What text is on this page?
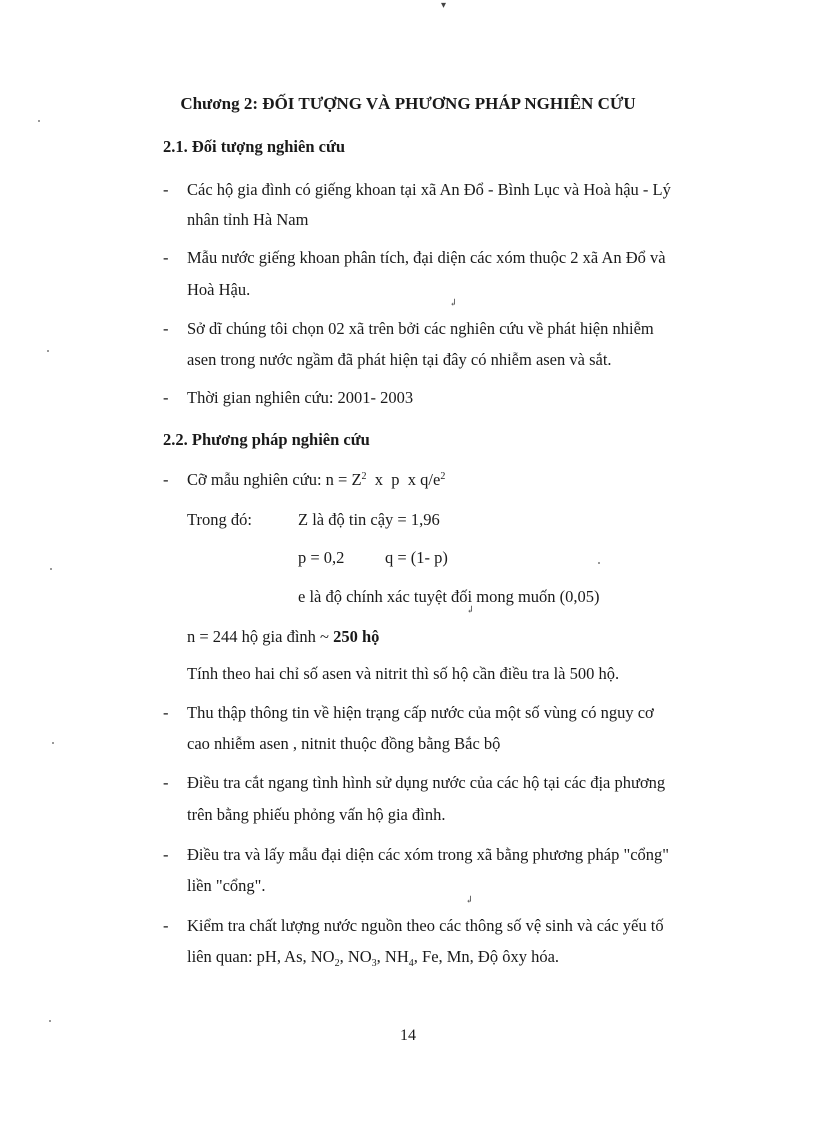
▾
↲
↲
↲
Chương 2: ĐỐI TƯỢNG VÀ PHƯƠNG PHÁP NGHIÊN CỨU
2.1. Đối tượng nghiên cứu
- Các hộ gia đình có giếng khoan tại xã An Đổ - Bình Lục và Hoà hậu - Lý
nhân tỉnh Hà Nam
- Mẫu nước giếng khoan phân tích, đại diện các xóm thuộc 2 xã An Đổ và
Hoà Hậu.
- Sở dĩ chúng tôi chọn 02 xã trên bởi các nghiên cứu về phát hiện nhiễm
asen trong nước ngầm đã phát hiện tại đây có nhiễm asen và sắt.
- Thời gian nghiên cứu: 2001- 2003
2.2. Phương pháp nghiên cứu
- Cỡ mẫu nghiên cứu: $n = Z^2$  x  p  x $q/e^2$
Trong đó:	Z là độ tin cậy = 1,96
p = 0,2 q = (1- p)
e là độ chính xác tuyệt đối mong muốn (0,05)
n = 244 hộ gia đình ~ 250 hộ
Tính theo hai chỉ số asen và nitrit thì số hộ cần điều tra là 500 hộ.
- Thu thập thông tin về hiện trạng cấp nước của một số vùng có nguy cơ
cao nhiễm asen , nitnit thuộc đồng bằng Bắc bộ
- Điều tra cắt ngang tình hình sử dụng nước của các hộ tại các địa phương
trên bằng phiếu phỏng vấn hộ gia đình.
- Điều tra và lấy mẫu đại diện các xóm trong xã bằng phương pháp "cổng"
liền "cổng".
- Kiểm tra chất lượng nước nguồn theo các thông số vệ sinh và các yếu tố
liên quan: pH, As, $NO_2$, $NO_3$, $NH_4$, Fe, Mn, Độ ôxy hóa.
14
